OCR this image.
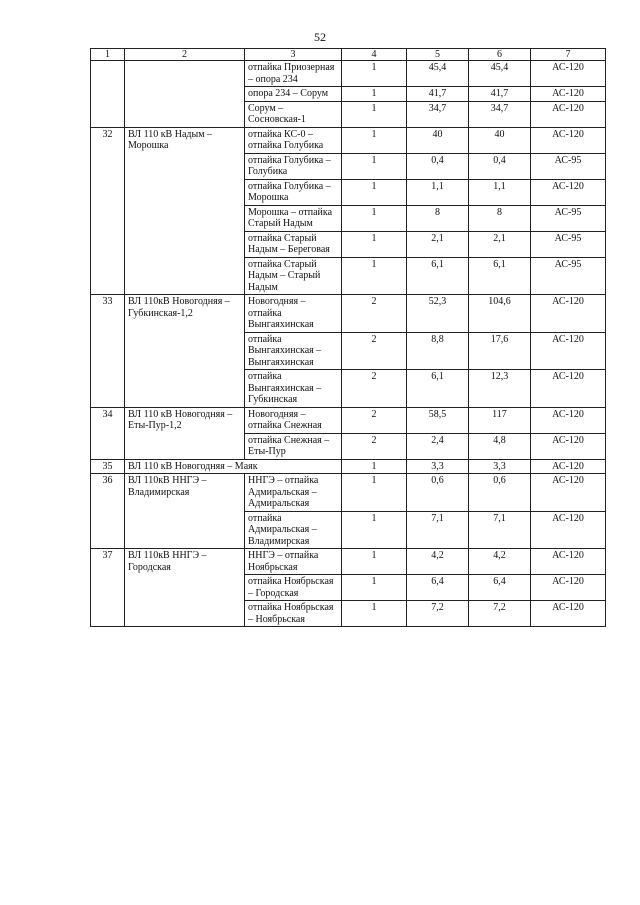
52
1	2	3	4	5	6	7
		отпайка Приозерная – опора 234	1	45,4	45,4	АС-120
		опора 234 – Сорум	1	41,7	41,7	АС-120
		Сорум – Сосновская-1	1	34,7	34,7	АС-120
32	ВЛ 110 кВ Надым – Морошка	отпайка КС-0 – отпайка Голубика	1	40	40	АС-120
		отпайка Голубика – Голубика	1	0,4	0,4	АС-95
		отпайка Голубика – Морошка	1	1,1	1,1	АС-120
		Морошка – отпайка Старый Надым	1	8	8	АС-95
		отпайка Старый Надым – Береговая	1	2,1	2,1	АС-95
		отпайка Старый Надым – Старый Надым	1	6,1	6,1	АС-95
33	ВЛ 110кВ Новогодняя – Губкинская-1,2	Новогодняя – отпайка Вынгаяхинская	2	52,3	104,6	АС-120
		отпайка Вынгаяхинская – Вынгаяхинская	2	8,8	17,6	АС-120
		отпайка Вынгаяхинская – Губкинская	2	6,1	12,3	АС-120
34	ВЛ 110 кВ Новогодняя – Еты-Пур-1,2	Новогодняя – отпайка Снежная	2	58,5	117	АС-120
		отпайка Снежная – Еты-Пур	2	2,4	4,8	АС-120
35	ВЛ 110 кВ Новогодняя – Маяк		1	3,3	3,3	АС-120
36	ВЛ 110кВ ННГЭ – Владимирская	ННГЭ – отпайка Адмиральская – Адмиральская	1	0,6	0,6	АС-120
		отпайка Адмиральская – Владимирская	1	7,1	7,1	АС-120
37	ВЛ 110кВ ННГЭ – Городская	ННГЭ – отпайка Ноябрьская	1	4,2	4,2	АС-120
		отпайка Ноябрьская – Городская	1	6,4	6,4	АС-120
		отпайка Ноябрьская – Ноябрьская	1	7,2	7,2	АС-120
